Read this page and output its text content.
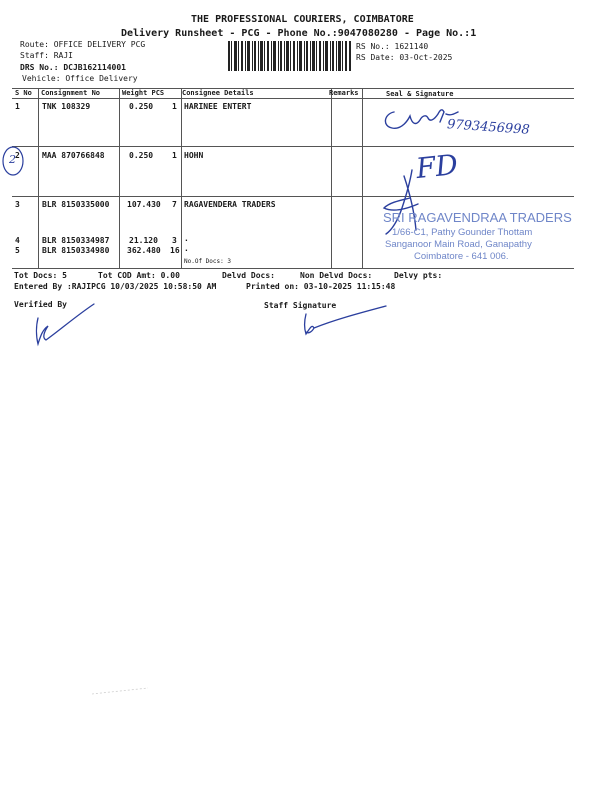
THE PROFESSIONAL COURIERS, COIMBATORE
Delivery Runsheet - PCG - Phone No.:9047080280 - Page No.:1
Route: OFFICE DELIVERY PCG
Staff: RAJI
DRS No.: DCJB162114001
Vehicle: Office Delivery
RS No.: 1621140
RS Date: 03-Oct-2025
S No Consignment No	Weight PCS	Consignee Details	Remarks	Seal & Signature
1	TNK 108329	0.250 1 HARINEE ENTERT
2	MAA 870766848	0.250 1 HOHN
3	BLR 8150335000 107.430 7 RAGAVENDERA TRADERS
4	BLR 8150334987 21.120 3 .
5	BLR 8150334980 362.480 16 .
No.Of Docs: 3
Tot Docs: 5	Tot COD Amt: 0.00	Delvd Docs:	Non Delvd Docs:	Delvy pts:
Entered By :RAJIPCG 10/03/2025 10:58:50 AM	Printed on: 03-10-2025 11:15:48
Verified By	Staff Signature
9793456998
2	FD
SRI RAGAVENDRAA TRADERS
1/66-C1, Pathy Gounder Thottam
Sanganoor Main Road, Ganapathy
Coimbatore - 641 006.
